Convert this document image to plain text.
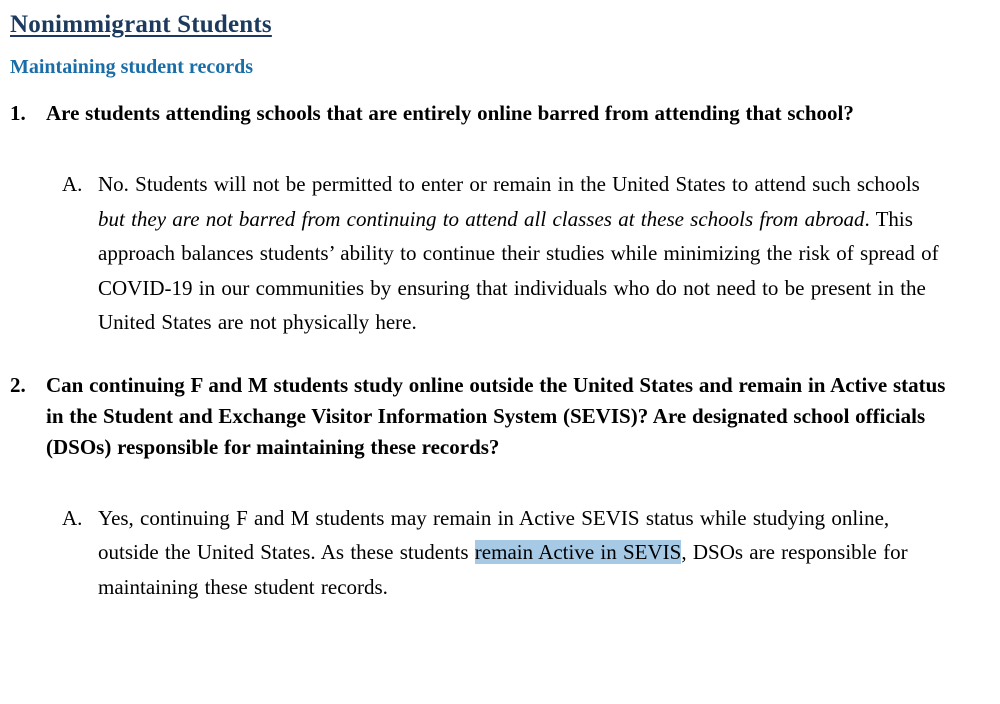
Nonimmigrant Students
Maintaining student records
1. Are students attending schools that are entirely online barred from attending that school?
A. No. Students will not be permitted to enter or remain in the United States to attend such schools but they are not barred from continuing to attend all classes at these schools from abroad. This approach balances students’ ability to continue their studies while minimizing the risk of spread of COVID-19 in our communities by ensuring that individuals who do not need to be present in the United States are not physically here.
2. Can continuing F and M students study online outside the United States and remain in Active status in the Student and Exchange Visitor Information System (SEVIS)? Are designated school officials (DSOs) responsible for maintaining these records?
A. Yes, continuing F and M students may remain in Active SEVIS status while studying online, outside the United States. As these students remain Active in SEVIS, DSOs are responsible for maintaining these student records.
